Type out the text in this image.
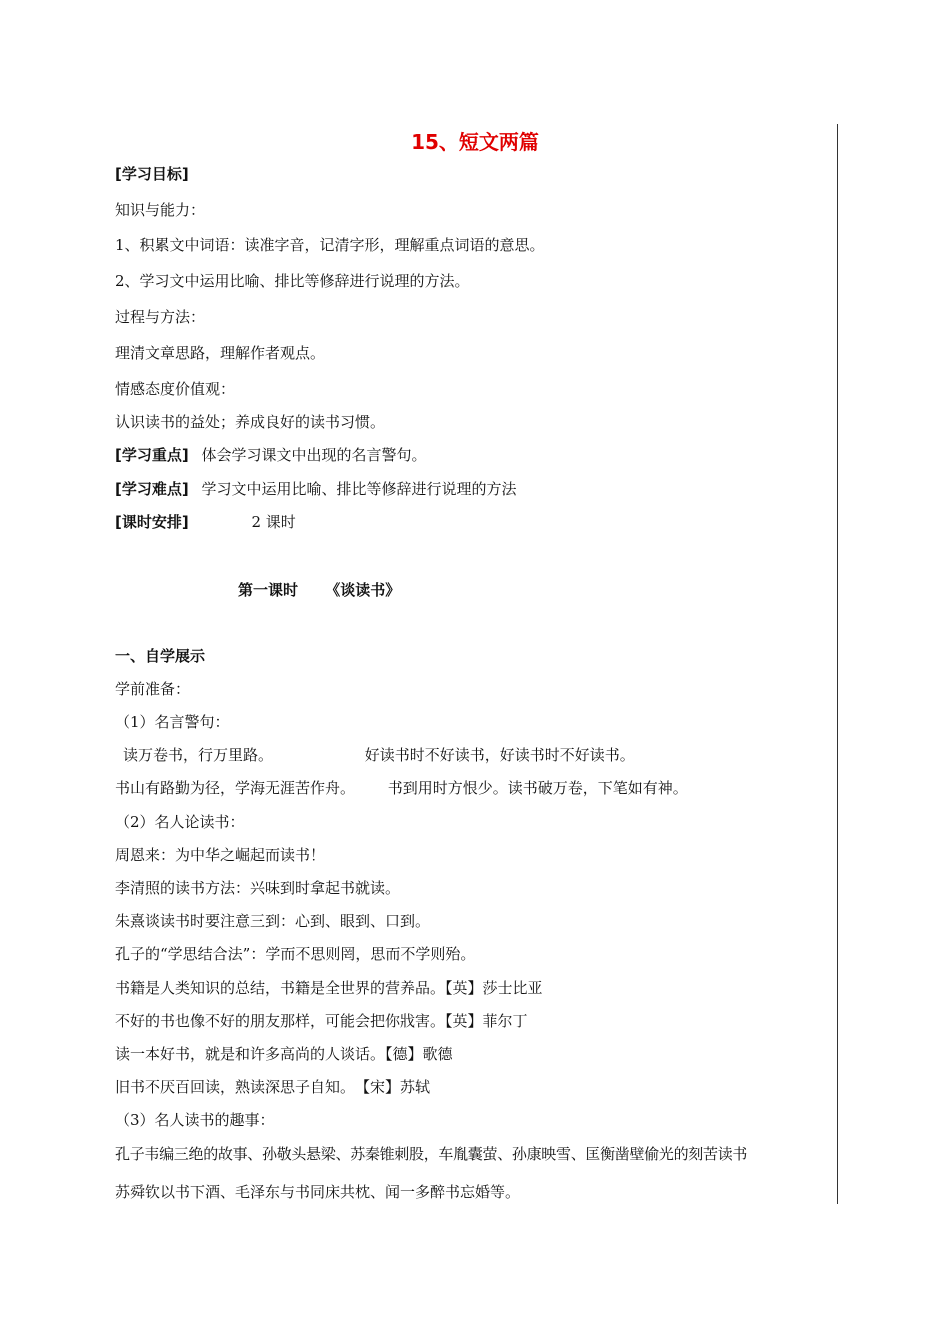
15、短文两篇
[学习目标]
知识与能力：
1、积累文中词语：读准字音，记清字形，理解重点词语的意思。
2、学习文中运用比喻、排比等修辞进行说理的方法。
过程与方法：
理清文章思路，理解作者观点。
情感态度价值观：
认识读书的益处；养成良好的读书习惯。
[学习重点] 体会学习课文中出现的名言警句。
[学习难点] 学习文中运用比喻、排比等修辞进行说理的方法
[课时安排]	2 课时
第一课时 《谈读书》
一、自学展示
学前准备：
（1）名言警句：
读万卷书，行万里路。	好读书时不好读书，好读书时不好读书。
书山有路勤为径，学海无涯苦作舟。 书到用时方恨少。读书破万卷，下笔如有神。
（2）名人论读书：
周恩来：为中华之崛起而读书！
李清照的读书方法：兴味到时拿起书就读。
朱熹谈读书时要注意三到：心到、眼到、口到。
孔子的“学思结合法”：学而不思则罔，思而不学则殆。
书籍是人类知识的总结，书籍是全世界的营养品。【英】莎士比亚
不好的书也像不好的朋友那样，可能会把你戕害。【英】菲尔丁
读一本好书，就是和许多高尚的人谈话。【德】歌德
旧书不厌百回读，熟读深思子自知。　【宋】苏轼
（3）名人读书的趣事：
孔子韦编三绝的故事、孙敬头悬梁、苏秦锥刺股，车胤囊萤、孙康映雪、匡衡凿壁偷光的刻苦读书
苏舜钦以书下酒、毛泽东与书同床共枕、闻一多醉书忘婚等。
